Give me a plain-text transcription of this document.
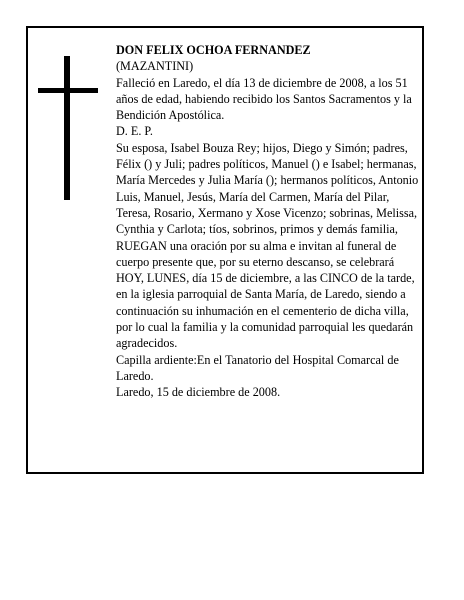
DON FELIX OCHOA FERNANDEZ

(MAZANTINI)

Falleció en Laredo, el día 13 de diciembre de 2008, a los 51 años de edad, habiendo recibido los Santos Sacramentos y la Bendición Apostólica.

D. E. P.

Su esposa, Isabel Bouza Rey; hijos, Diego y Simón; padres, Félix () y Juli; padres políticos, Manuel () e Isabel; hermanas, María Mercedes y Julia María (); hermanos políticos, Antonio Luis, Manuel, Jesús, María del Carmen, María del Pilar, Teresa, Rosario, Xermano y Xose Vicenzo; sobrinas, Melissa, Cynthia y Carlota; tíos, sobrinos, primos y demás familia,

RUEGAN una oración por su alma e invitan al funeral de cuerpo presente que, por su eterno descanso, se celebrará HOY, LUNES, día 15 de diciembre, a las CINCO de la tarde, en la iglesia parroquial de Santa María, de Laredo, siendo a continuación su inhumación en el cementerio de dicha villa, por lo cual la familia y la comunidad parroquial les quedarán agradecidos.

Capilla ardiente:En el Tanatorio del Hospital Comarcal de Laredo.

Laredo, 15 de diciembre de 2008.
